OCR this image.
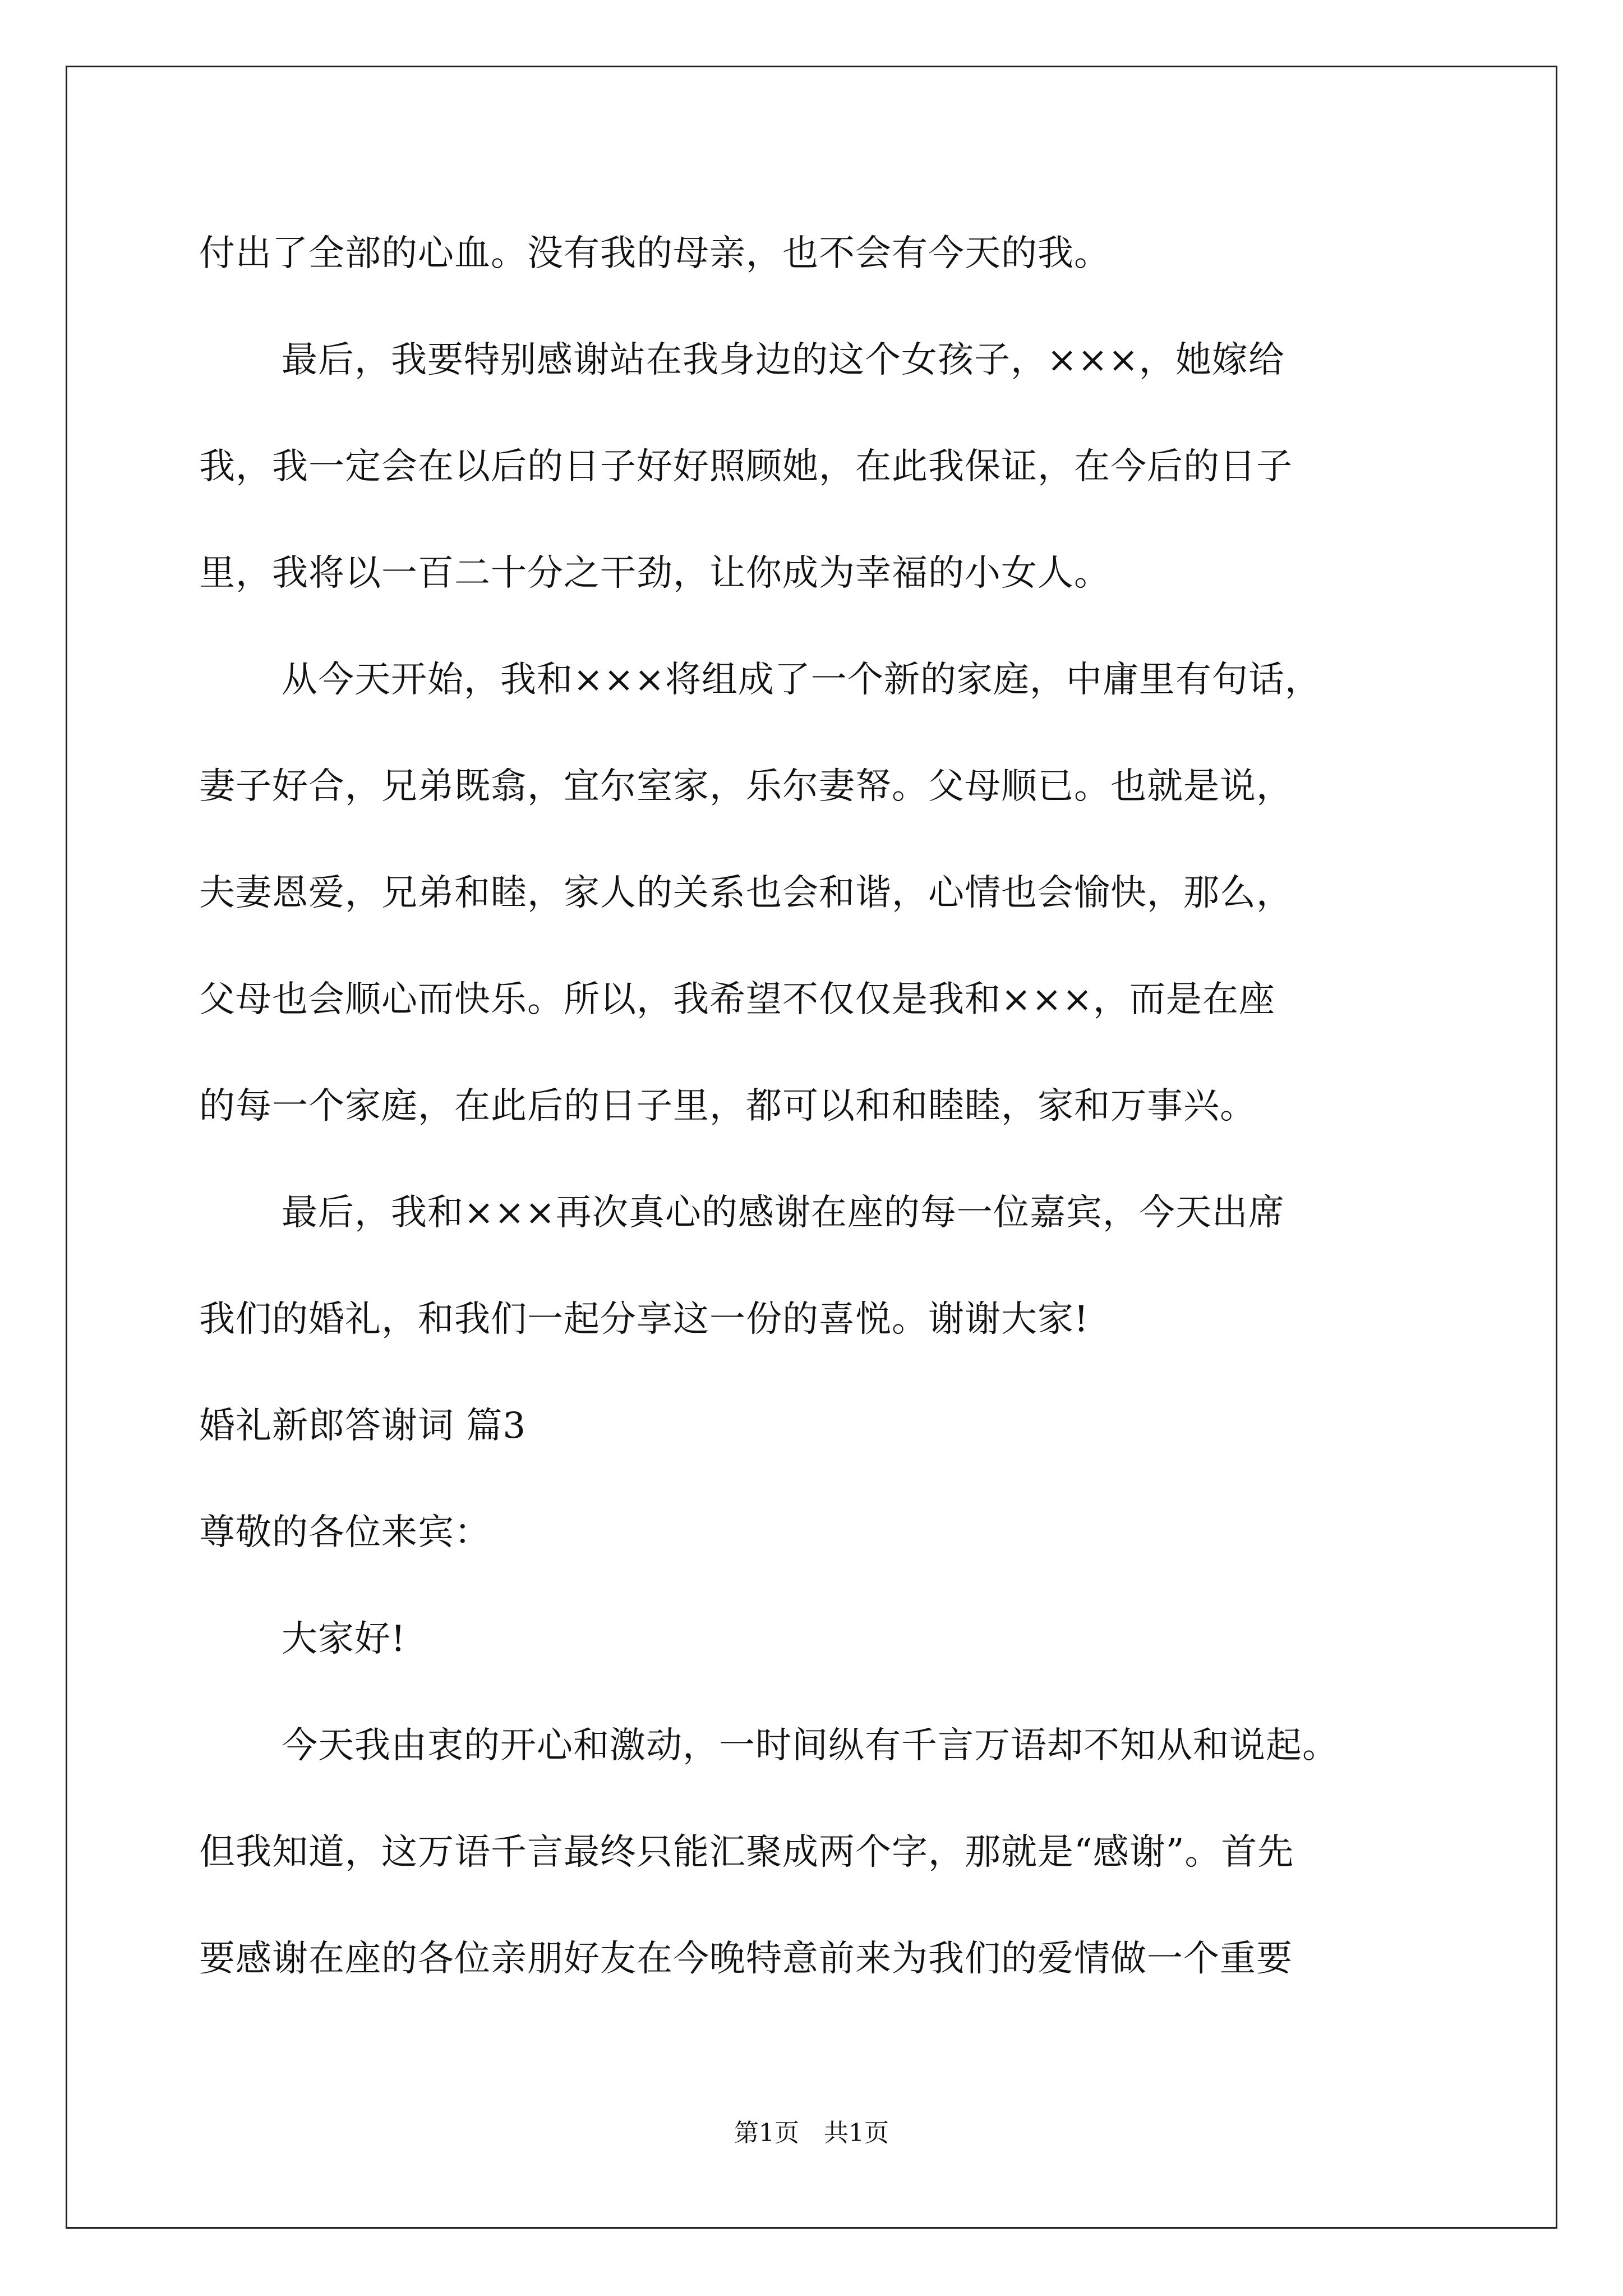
付出了全部的心血。没有我的母亲，也不会有今天的我。
最后，我要特别感谢站在我身边的这个女孩子，×××，她嫁给
我，我一定会在以后的日子好好照顾她，在此我保证，在今后的日子
里，我将以一百二十分之干劲，让你成为幸福的小女人。
从今天开始，我和×××将组成了一个新的家庭，中庸里有句话，
妻子好合，兄弟既翕，宜尔室家，乐尔妻帑。父母顺已。也就是说，
夫妻恩爱，兄弟和睦，家人的关系也会和谐，心情也会愉快，那么，
父母也会顺心而快乐。所以，我希望不仅仅是我和×××，而是在座
的每一个家庭，在此后的日子里，都可以和和睦睦，家和万事兴。
最后，我和×××再次真心的感谢在座的每一位嘉宾，今天出席
我们的婚礼，和我们一起分享这一份的喜悦。谢谢大家!
婚礼新郎答谢词 篇3
尊敬的各位来宾：
大家好!
今天我由衷的开心和激动，一时间纵有千言万语却不知从和说起。
但我知道，这万语千言最终只能汇聚成两个字，那就是“感谢”。首先
要感谢在座的各位亲朋好友在今晚特意前来为我们的爱情做一个重要
第1页　共1页
